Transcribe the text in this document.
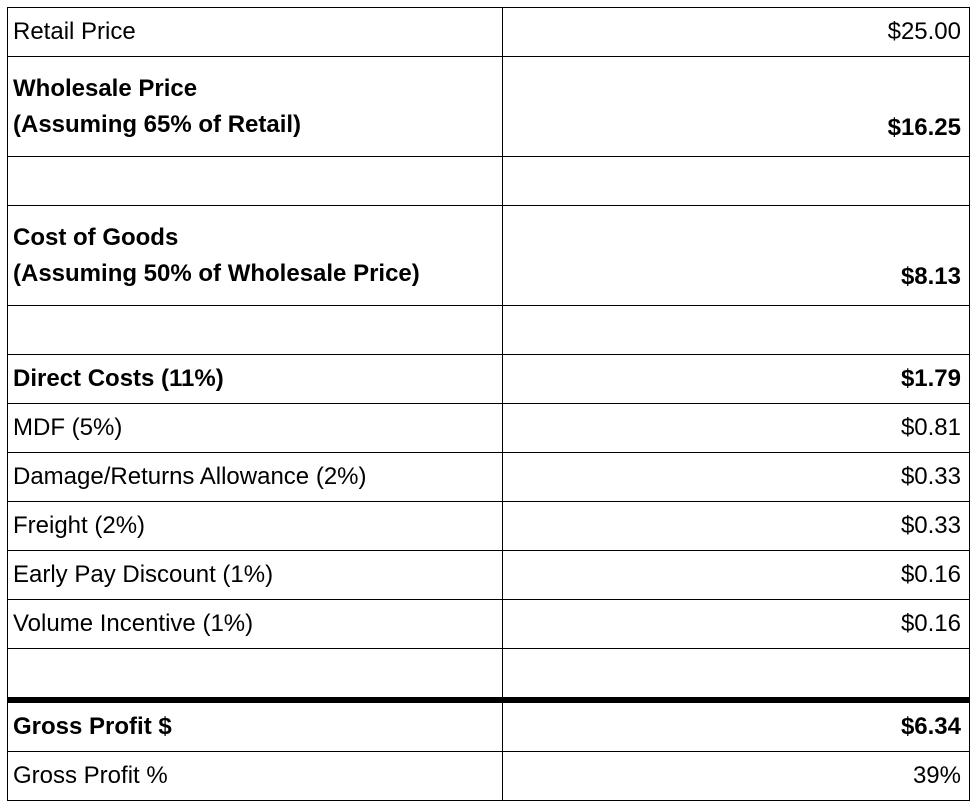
Retail Price	$25.00

Wholesale Price
(Assuming 65% of Retail)	$16.25

Cost of Goods
(Assuming 50% of Wholesale Price)	$8.13

Direct Costs (11%)	$1.79
MDF (5%)	$0.81
Damage/Returns Allowance (2%)	$0.33
Freight (2%)	$0.33
Early Pay Discount (1%)	$0.16
Volume Incentive (1%)	$0.16

Gross Profit $	$6.34
Gross Profit %	39%
